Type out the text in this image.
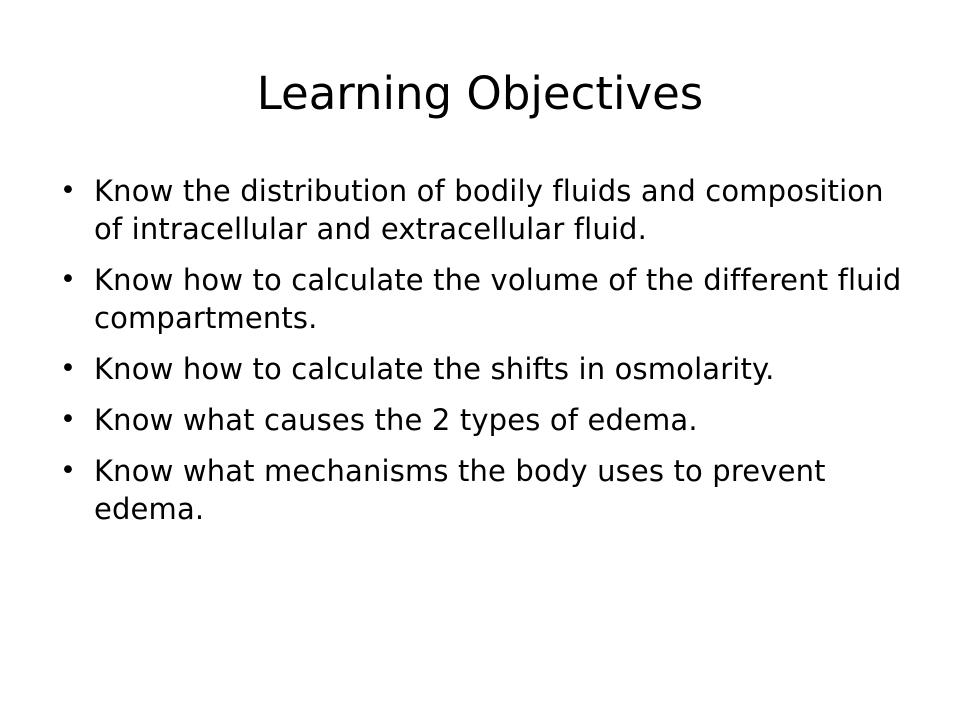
Learning Objectives
• Know the distribution of bodily fluids and composition of intracellular and extracellular fluid.
• Know how to calculate the volume of the different fluid compartments.
• Know how to calculate the shifts in osmolarity.
• Know what causes the 2 types of edema.
• Know what mechanisms the body uses to prevent edema.
